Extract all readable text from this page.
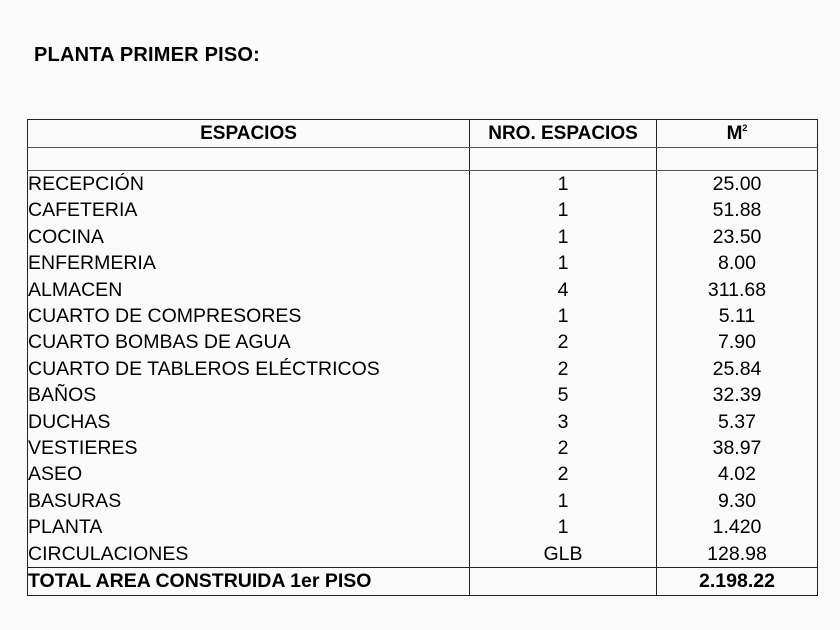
PLANTA PRIMER PISO:
ESPACIOS	NRO. ESPACIOS	$M^2$

RECEPCIÓN	1	25.00
CAFETERIA	1	51.88
COCINA	1	23.50
ENFERMERIA	1	8.00
ALMACEN	4	311.68
CUARTO DE COMPRESORES	1	5.11
CUARTO BOMBAS DE AGUA	2	7.90
CUARTO DE TABLEROS ELÉCTRICOS	2	25.84
BAÑOS	5	32.39
DUCHAS	3	5.37
VESTIERES	2	38.97
ASEO	2	4.02
BASURAS	1	9.30
PLANTA	1	1.420
CIRCULACIONES	GLB	128.98
TOTAL AREA CONSTRUIDA 1er PISO		2.198.22
